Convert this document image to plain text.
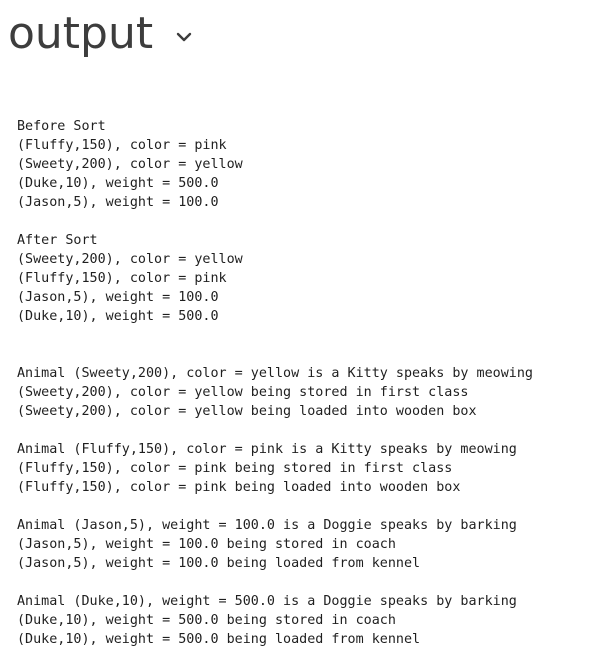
output
Before Sort
(Fluffy,150), color = pink
(Sweety,200), color = yellow
(Duke,10), weight = 500.0
(Jason,5), weight = 100.0
After Sort
(Sweety,200), color = yellow
(Fluffy,150), color = pink
(Jason,5), weight = 100.0
(Duke,10), weight = 500.0
Animal (Sweety,200), color = yellow is a Kitty speaks by meowing
(Sweety,200), color = yellow being stored in first class
(Sweety,200), color = yellow being loaded into wooden box
Animal (Fluffy,150), color = pink is a Kitty speaks by meowing
(Fluffy,150), color = pink being stored in first class
(Fluffy,150), color = pink being loaded into wooden box
Animal (Jason,5), weight = 100.0 is a Doggie speaks by barking
(Jason,5), weight = 100.0 being stored in coach
(Jason,5), weight = 100.0 being loaded from kennel
Animal (Duke,10), weight = 500.0 is a Doggie speaks by barking
(Duke,10), weight = 500.0 being stored in coach
(Duke,10), weight = 500.0 being loaded from kennel
